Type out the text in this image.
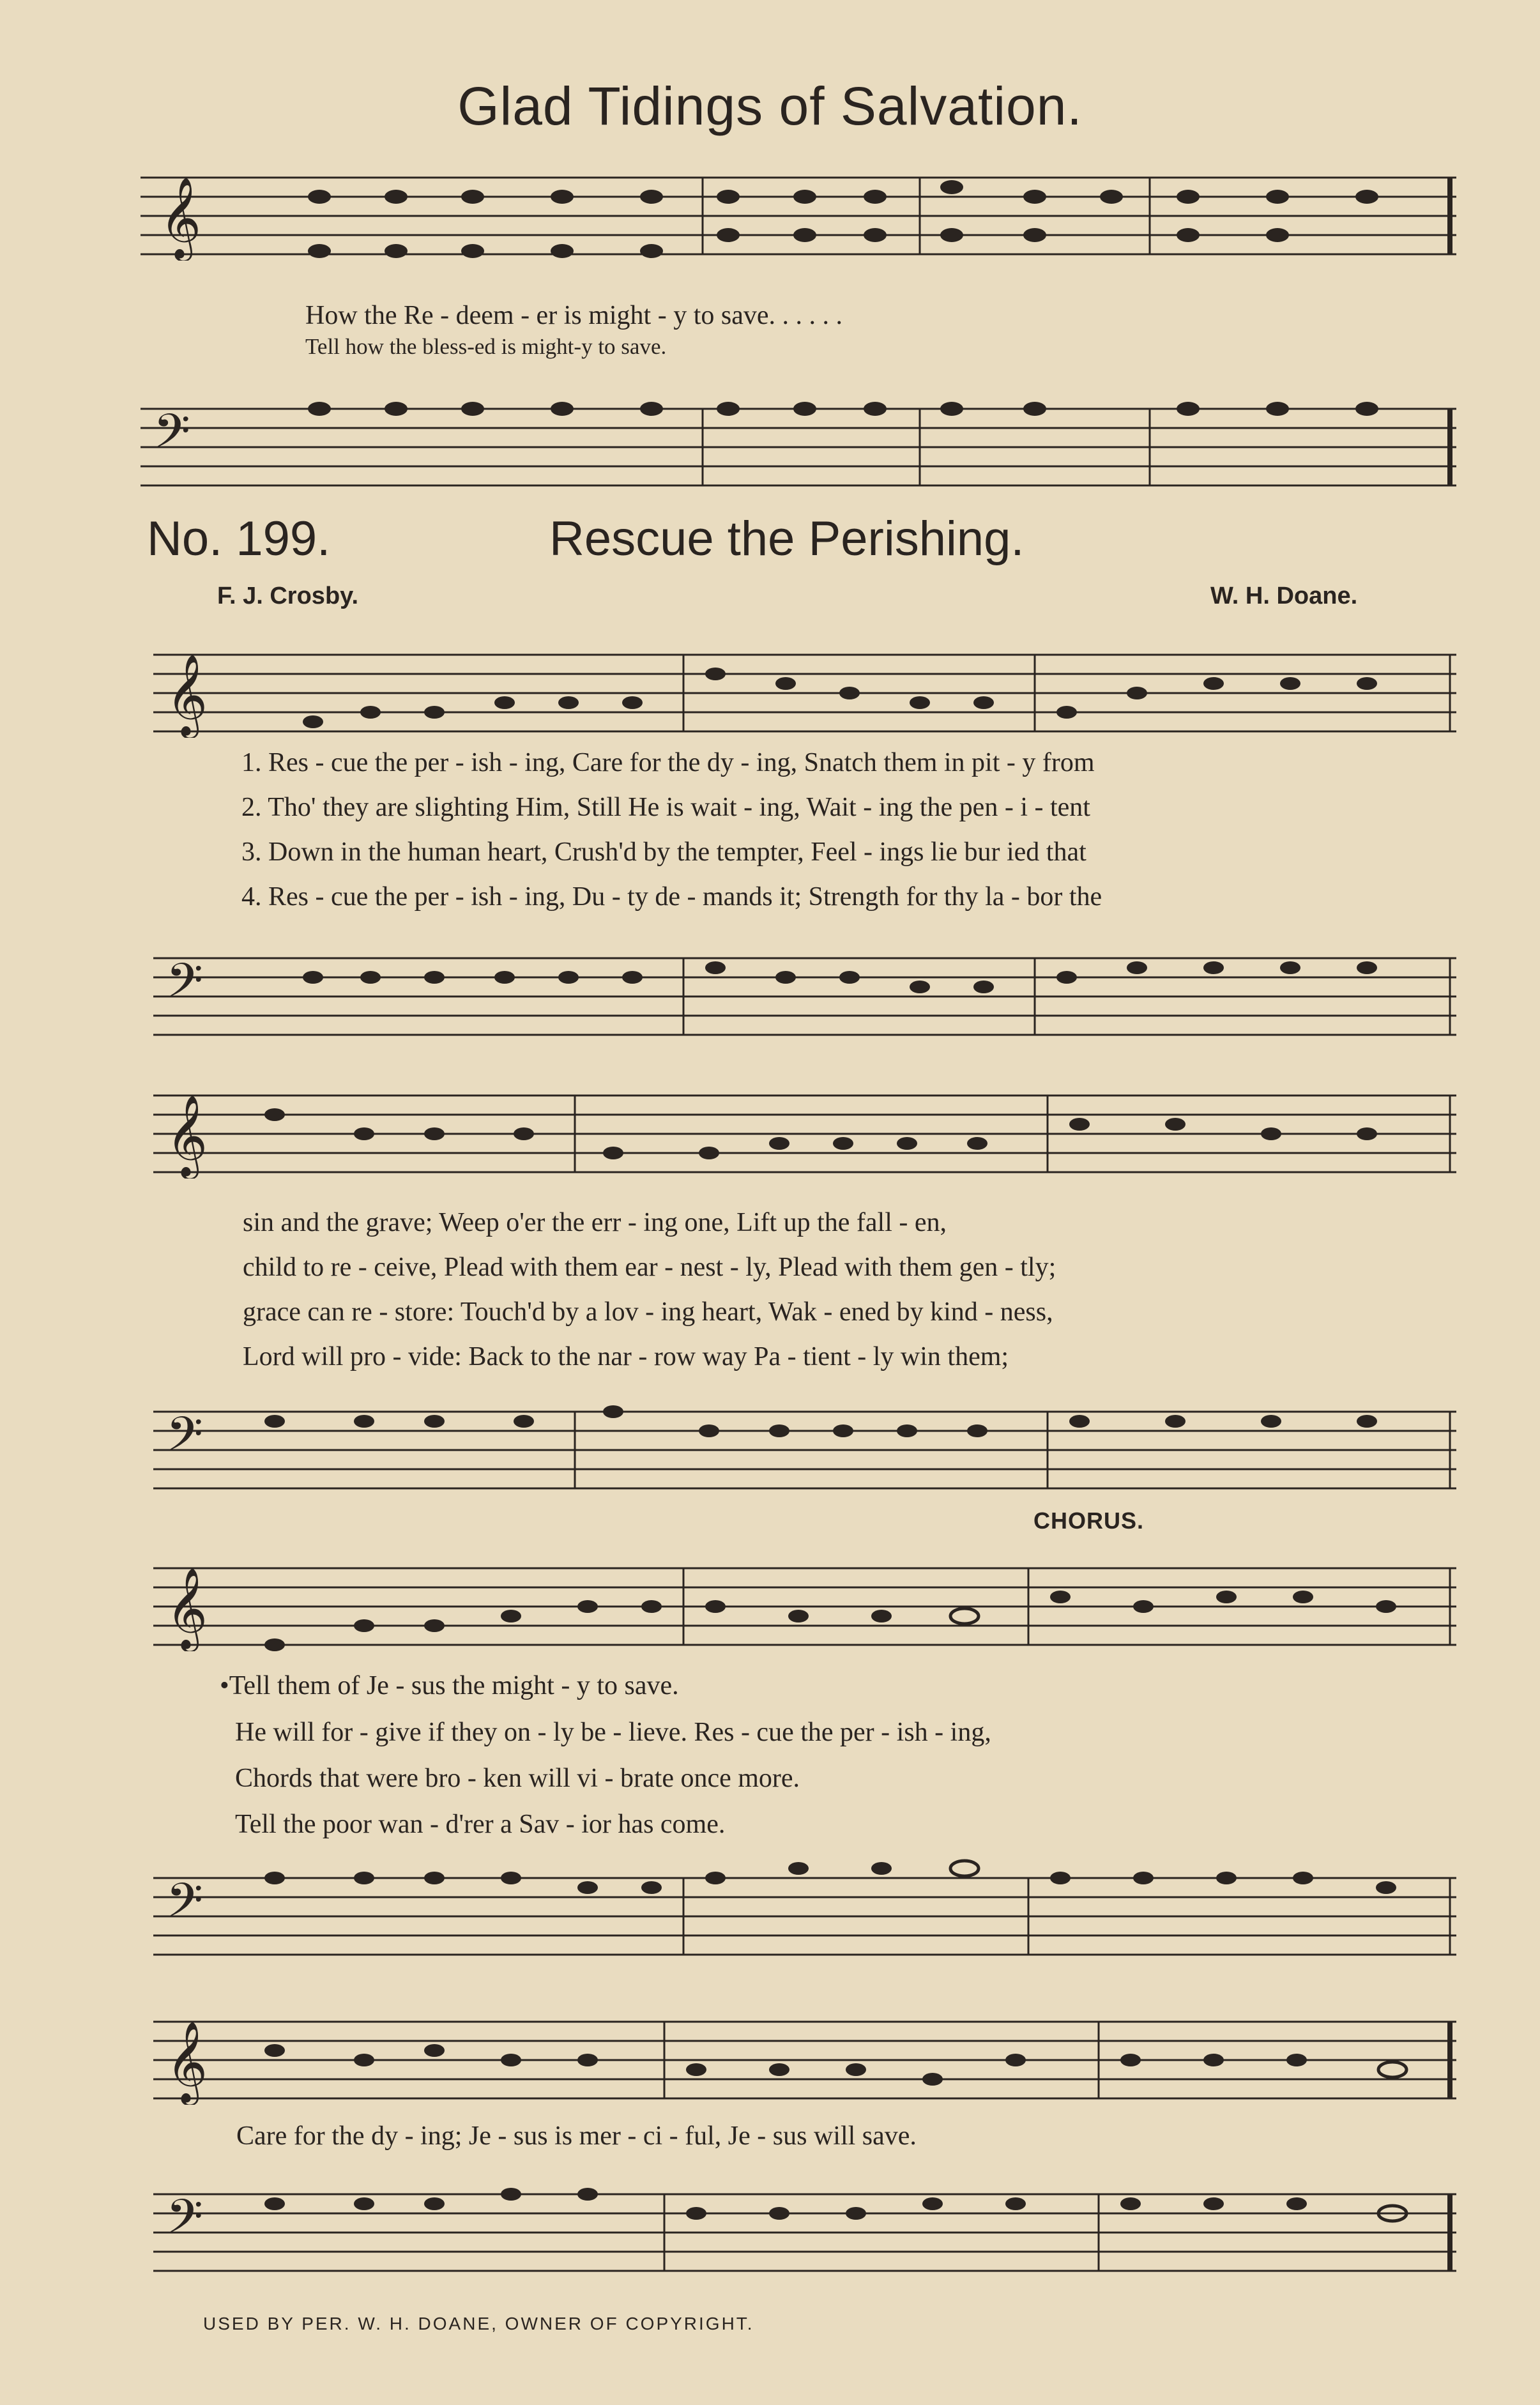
Glad Tidings of Salvation.
𝄞
How the Re - deem - er is might - y to save. . . . . .
Tell how the bless-ed is might-y to save.
𝄢
No. 199.	Rescue the Perishing.
F. J. Crosby.	W. H. Doane.
𝄞
1. Res - cue the per - ish - ing, Care for the dy - ing, Snatch them in pit - y from
2. Tho' they are slighting Him, Still He is wait - ing, Wait - ing the pen - i - tent
3. Down in the human heart, Crush'd by the tempter, Feel - ings lie bur ied that
4. Res - cue the per - ish - ing, Du - ty de - mands it; Strength for thy la - bor the
𝄢
𝄞
sin and the grave; Weep o'er the err - ing one, Lift up the fall - en,
child to re - ceive, Plead with them ear - nest - ly, Plead with them gen - tly;
grace can re - store: Touch'd by a lov - ing heart, Wak - ened by kind - ness,
Lord will pro - vide: Back to the nar - row way Pa - tient - ly win them;
𝄢
CHORUS.
𝄞
•Tell them of Je - sus the might - y to save.
He will for - give if they on - ly be - lieve. Res - cue the per - ish - ing,
Chords that were bro - ken will vi - brate once more.
Tell the poor wan - d'rer a Sav - ior has come.
𝄢
𝄞
Care for the dy - ing; Je - sus is mer - ci - ful, Je - sus will save.
𝄢
USED BY PER. W. H. DOANE, OWNER OF COPYRIGHT.
